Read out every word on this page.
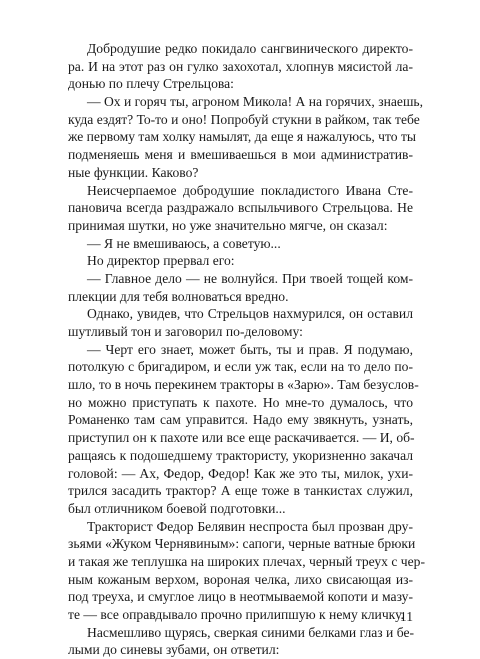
Добродушие редко покидало сангвинического директо-
ра. И на этот раз он гулко захохотал, хлопнув мясистой ла-
донью по плечу Стрельцова:
— Ох и горяч ты, агроном Микола! А на горячих, знаешь,
куда ездят? То-то и оно! Попробуй стукни в райком, так тебе
же первому там холку намылят, да еще я нажалуюсь, что ты
подменяешь меня и вмешиваешься в мои административ-
ные функции. Каково?
Неисчерпаемое добродушие покладистого Ивана Сте-
пановича всегда раздражало вспыльчивого Стрельцова. Не
принимая шутки, но уже значительно мягче, он сказал:
— Я не вмешиваюсь, а советую...
Но директор прервал его:
— Главное дело — не волнуйся. При твоей тощей ком-
плекции для тебя волноваться вредно.
Однако, увидев, что Стрельцов нахмурился, он оставил
шутливый тон и заговорил по-деловому:
— Черт его знает, может быть, ты и прав. Я подумаю,
потолкую с бригадиром, и если уж так, если на то дело по-
шло, то в ночь перекинем тракторы в «Зарю». Там безуслов-
но можно приступать к пахоте. Но мне-то думалось, что
Романенко там сам управится. Надо ему звякнуть, узнать,
приступил он к пахоте или все еще раскачивается. — И, об-
ращаясь к подошедшему трактористу, укоризненно закачал
головой: — Ах, Федор, Федор! Как же это ты, милок, ухи-
трился засадить трактор? А еще тоже в танкистах служил,
был отличником боевой подготовки...
Тракторист Федор Белявин неспроста был прозван дру-
зьями «Жуком Чернявиным»: сапоги, черные ватные брюки
и такая же теплушка на широких плечах, черный треух с чер-
ным кожаным верхом, вороная челка, лихо свисающая из-
под треуха, и смуглое лицо в неотмываемой копоти и мазу-
те — все оправдывало прочно прилипшую к нему кличку.
Насмешливо щурясь, сверкая синими белками глаз и бе-
лыми до синевы зубами, он ответил:
11
